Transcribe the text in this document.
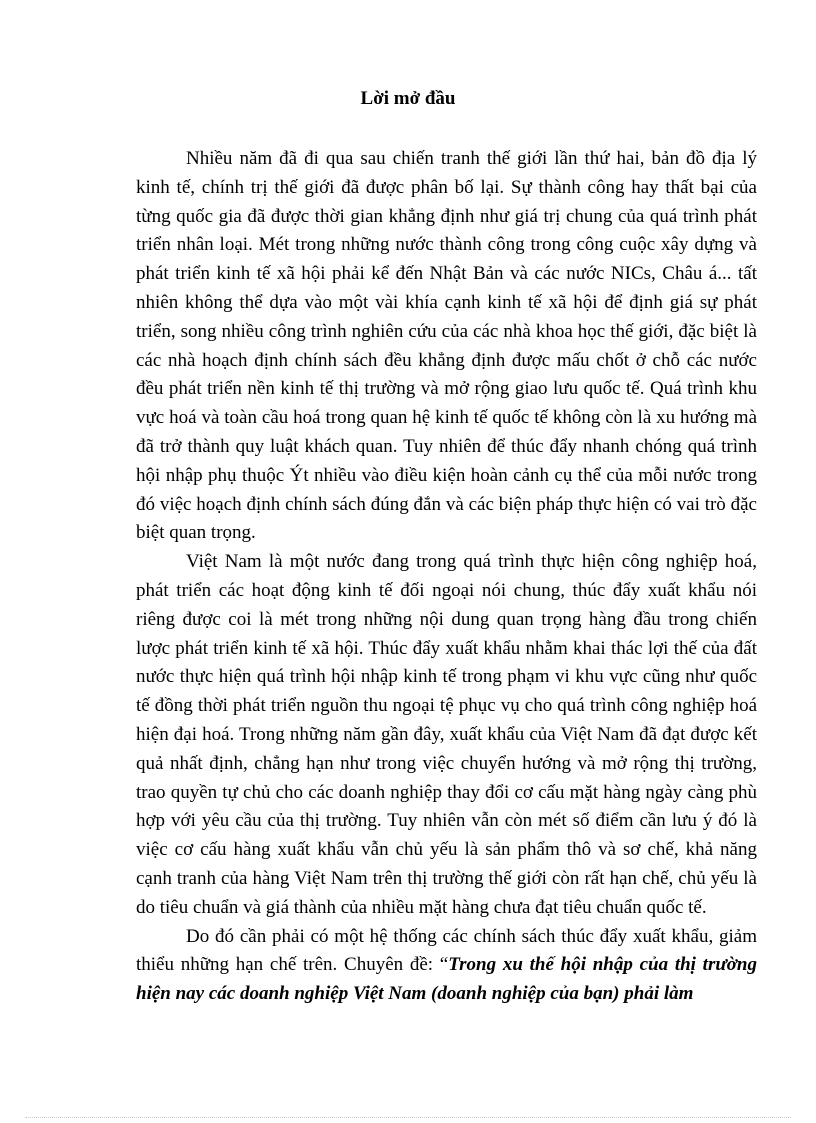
Lời mở đầu

Nhiều năm đã đi qua sau chiến tranh thế giới lần thứ hai, bản đồ địa lý kinh tế, chính trị thế giới đã được phân bố lại. Sự thành công hay thất bại của từng quốc gia đã được thời gian khẳng định như giá trị chung của quá trình phát triển nhân loại. Mét trong những nước thành công trong công cuộc xây dựng và phát triển kinh tế xã hội phải kể đến Nhật Bản và các nước NICs, Châu á... tất nhiên không thể dựa vào một vài khía cạnh kinh tế xã hội để định giá sự phát triển, song nhiều công trình nghiên cứu của các nhà khoa học thế giới, đặc biệt là các nhà hoạch định chính sách đều khẳng định được mấu chốt ở chỗ các nước đều phát triển nền kinh tế thị trường và mở rộng giao lưu quốc tế. Quá trình khu vực hoá và toàn cầu hoá trong quan hệ kinh tế quốc tế không còn là xu hướng mà đã trở thành quy luật khách quan. Tuy nhiên để thúc đẩy nhanh chóng quá trình hội nhập phụ thuộc Ýt nhiều vào điều kiện hoàn cảnh cụ thể của mỗi nước trong đó việc hoạch định chính sách đúng đắn và các biện pháp thực hiện có vai trò đặc biệt quan trọng.

Việt Nam là một nước đang trong quá trình thực hiện công nghiệp hoá, phát triển các hoạt động kinh tế đối ngoại nói chung, thúc đẩy xuất khẩu nói riêng được coi là mét trong những nội dung quan trọng hàng đầu trong chiến lược phát triển kinh tế xã hội. Thúc đẩy xuất khẩu nhằm khai thác lợi thế của đất nước thực hiện quá trình hội nhập kinh tế trong phạm vi khu vực cũng như quốc tế đồng thời phát triển nguồn thu ngoại tệ phục vụ cho quá trình công nghiệp hoá hiện đại hoá. Trong những năm gần đây, xuất khẩu của Việt Nam đã đạt được kết quả nhất định, chẳng hạn như trong việc chuyển hướng và mở rộng thị trường, trao quyền tự chủ cho các doanh nghiệp thay đổi cơ cấu mặt hàng ngày càng phù hợp với yêu cầu của thị trường. Tuy nhiên vẫn còn mét số điểm cần lưu ý đó là việc cơ cấu hàng xuất khẩu vẫn chủ yếu là sản phẩm thô và sơ chế, khả năng cạnh tranh của hàng Việt Nam trên thị trường thế giới còn rất hạn chế, chủ yếu là do tiêu chuẩn và giá thành của nhiều mặt hàng chưa đạt tiêu chuẩn quốc tế.

Do đó cần phải có một hệ thống các chính sách thúc đẩy xuất khẩu, giảm thiểu những hạn chế trên. Chuyên đề: “Trong xu thế hội nhập của thị trường hiện nay các doanh nghiệp Việt Nam (doanh nghiệp của bạn) phải làm
